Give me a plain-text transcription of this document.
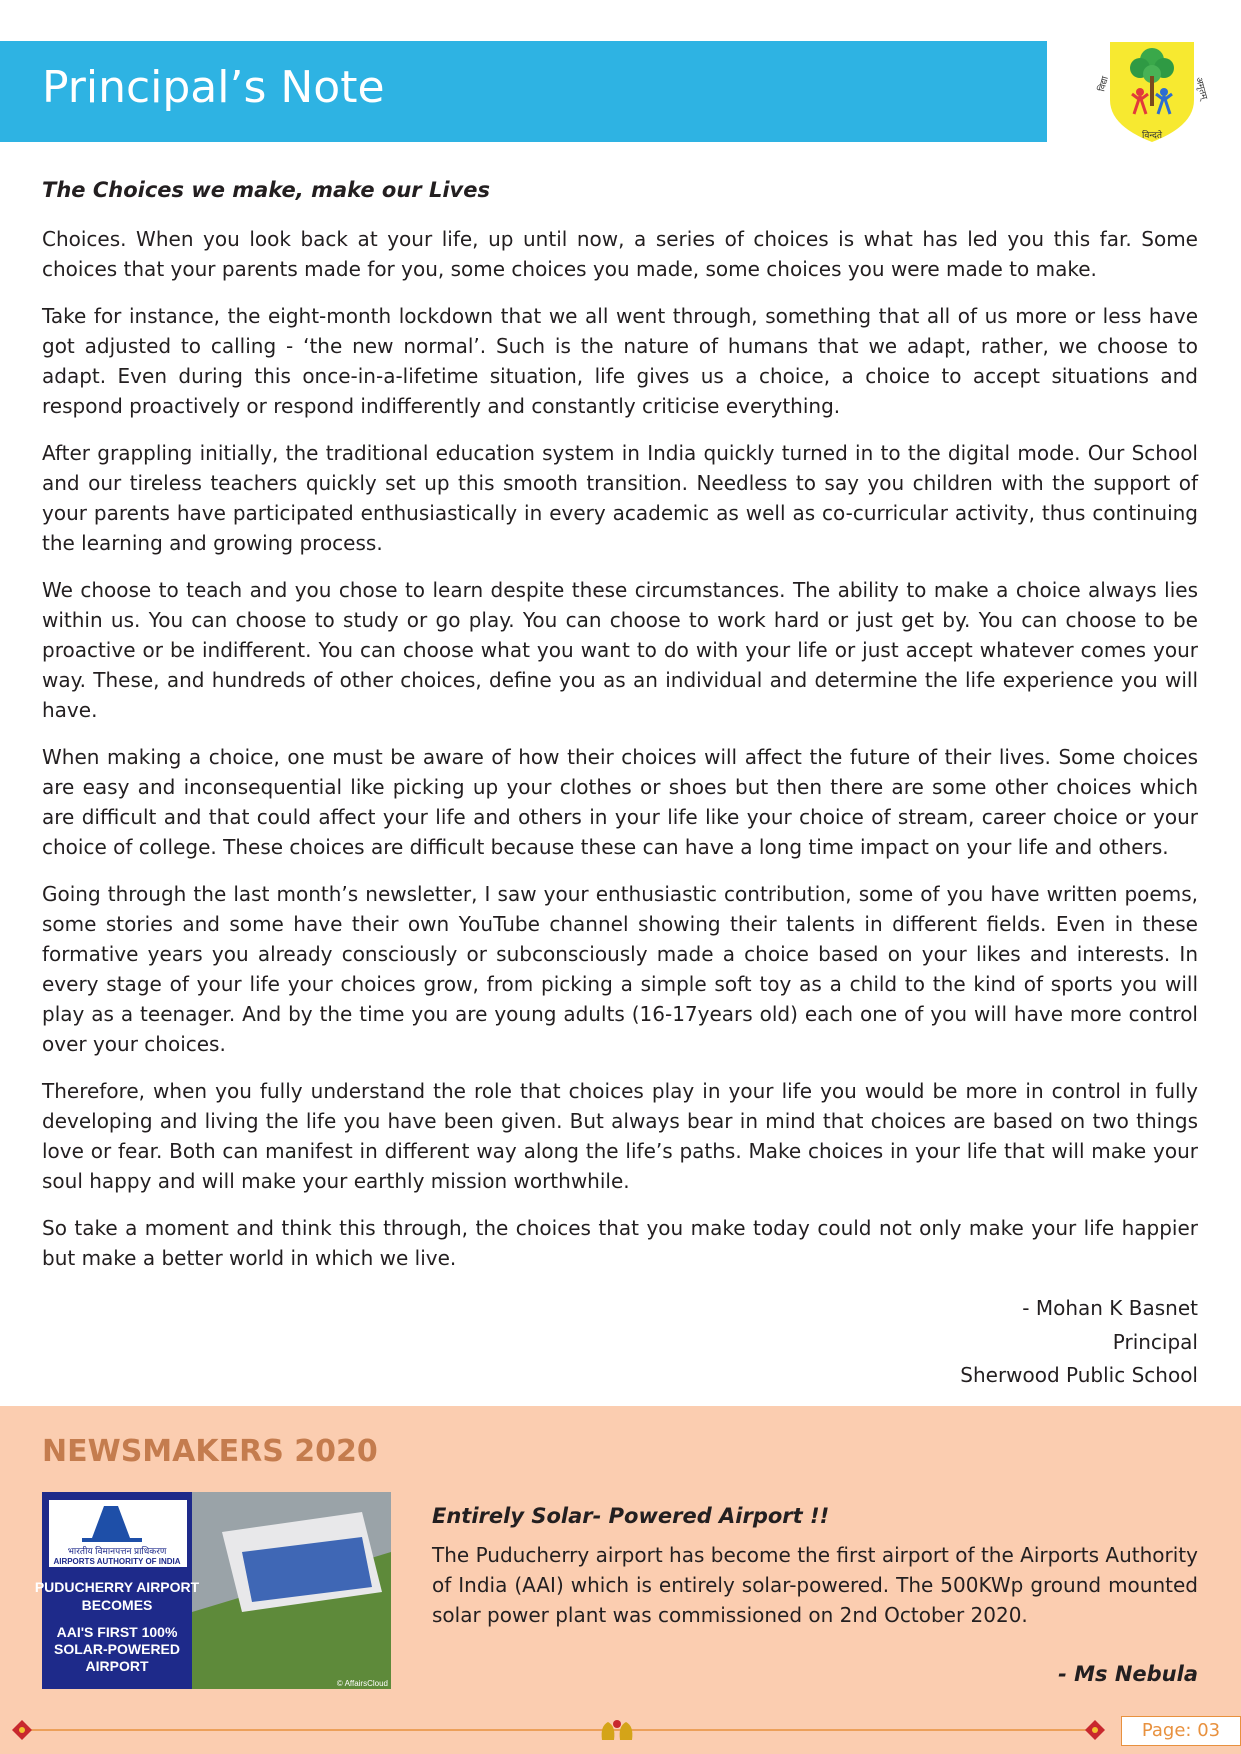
Principal’s Note	विद्या	अमृतम्
विन्दते

The Choices we make, make our Lives

Choices. When you look back at your life, up until now, a series of choices is what has led you this far. Some choices that your parents made for you, some choices you made, some choices you were made to make.

Take for instance, the eight-month lockdown that we all went through, something that all of us more or less have got adjusted to calling - ‘the new normal’. Such is the nature of humans that we adapt, rather, we choose to adapt. Even during this once-in-a-lifetime situation, life gives us a choice, a choice to accept situations and respond proactively or respond indifferently and constantly criticise everything.

After grappling initially, the traditional education system in India quickly turned in to the digital mode. Our School and our tireless teachers quickly set up this smooth transition. Needless to say you children with the support of your parents have participated enthusiastically in every academic as well as co-curricular activity, thus continuing the learning and growing process.

We choose to teach and you chose to learn despite these circumstances. The ability to make a choice always lies within us. You can choose to study or go play. You can choose to work hard or just get by. You can choose to be proactive or be indifferent. You can choose what you want to do with your life or just accept whatever comes your way. These, and hundreds of other choices, define you as an individual and determine the life experience you will have.

When making a choice, one must be aware of how their choices will affect the future of their lives. Some choices are easy and inconsequential like picking up your clothes or shoes but then there are some other choices which are difficult and that could affect your life and others in your life like your choice of stream, career choice or your choice of college. These choices are difficult because these can have a long time impact on your life and others.

Going through the last month’s newsletter, I saw your enthusiastic contribution, some of you have written poems, some stories and some have their own YouTube channel showing their talents in different fields. Even in these formative years you already consciously or subconsciously made a choice based on your likes and interests. In every stage of your life your choices grow, from picking a simple soft toy as a child to the kind of sports you will play as a teenager. And by the time you are young adults (16-17years old) each one of you will have more control over your choices.

Therefore, when you fully understand the role that choices play in your life you would be more in control in fully developing and living the life you have been given. But always bear in mind that choices are based on two things love or fear. Both can manifest in different way along the life’s paths. Make choices in your life that will make your soul happy and will make your earthly mission worthwhile.

So take a moment and think this through, the choices that you make today could not only make your life happier but make a better world in which we live.

- Mohan K Basnet
Principal
Sherwood Public School
NEWSMAKERS 2020
भारतीय विमानपत्तन प्राधिकरण
AIRPORTS AUTHORITY OF INDIA
PUDUCHERRY AIRPORT
BECOMES
AAI'S FIRST 100%
SOLAR-POWERED
AIRPORT
© AffairsCloud

Entirely Solar- Powered Airport !!

The Puducherry airport has become the first airport of the Airports Authority of India (AAI) which is entirely solar-powered. The 500KWp ground mounted solar power plant was commissioned on 2nd October 2020.

- Ms Nebula

Page: 03
